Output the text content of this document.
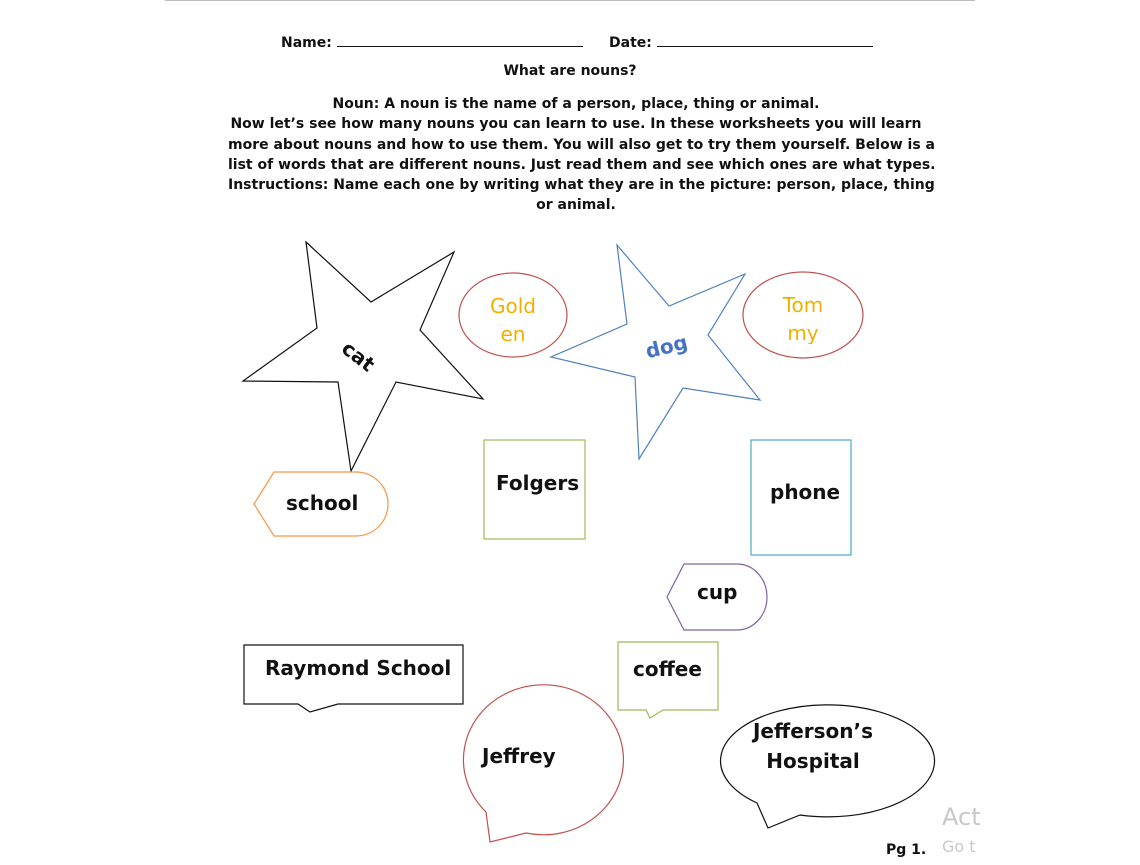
Name:	Date:
What are nouns?
Noun: A noun is the name of a person, place, thing or animal.
Now let’s see how many nouns you can learn to use. In these worksheets you will learn
more about nouns and how to use them. You will also get to try them yourself. Below is a
list of words that are different nouns. Just read them and see which ones are what types.
Instructions: Name each one by writing what they are in the picture: person, place, thing
or animal.
cat
Gold
en	dog
Tom
my
school
Folgers	phone
cup
Raymond School	coffee
Jeffrey
Jefferson’s
Hospital
Pg 1.
Act
Go t
